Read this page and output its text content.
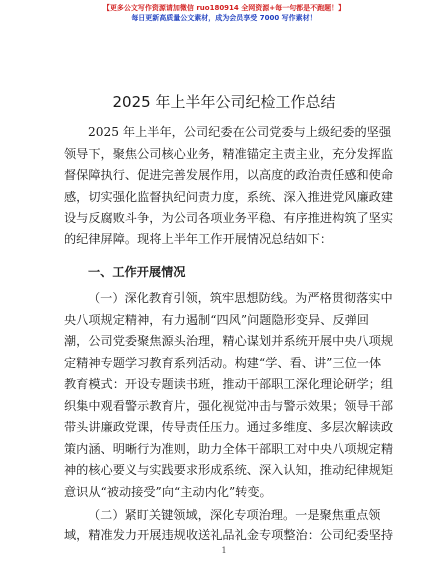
【更多公文写作资源请加微信 ruo180914 全网资源+每一句都是不跑题！】
每日更新高质量公文素材，成为会员享受 7000 写作素材！
2025 年上半年公司纪检工作总结
2025 年上半年，公司纪委在公司党委与上级纪委的坚强
领导下，聚焦公司核心业务，精准锚定主责主业，充分发挥监
督保障执行、促进完善发展作用，以高度的政治责任感和使命
感，切实强化监督执纪问责力度，系统、深入推进党风廉政建
设与反腐败斗争，为公司各项业务平稳、有序推进构筑了坚实
的纪律屏障。现将上半年工作开展情况总结如下：
一、工作开展情况
（一）深化教育引领，筑牢思想防线。为严格贯彻落实中
央八项规定精神，有力遏制“四风”问题隐形变异、反弹回
潮，公司党委聚焦源头治理，精心谋划并系统开展中央八项规
定精神专题学习教育系列活动。构建“学、看、讲”三位一体
教育模式：开设专题读书班，推动干部职工深化理论研学；组
织集中观看警示教育片，强化视觉冲击与警示效果；领导干部
带头讲廉政党课，传导责任压力。通过多维度、多层次解读政
策内涵、明晰行为准则，助力全体干部职工对中央八项规定精
神的核心要义与实践要求形成系统、深入认知，推动纪律规矩
意识从“被动接受”向“主动内化”转变。
（二）紧盯关键领域，深化专项治理。一是聚焦重点领
域，精准发力开展违规收送礼品礼金专项整治：公司纪委坚持
1
